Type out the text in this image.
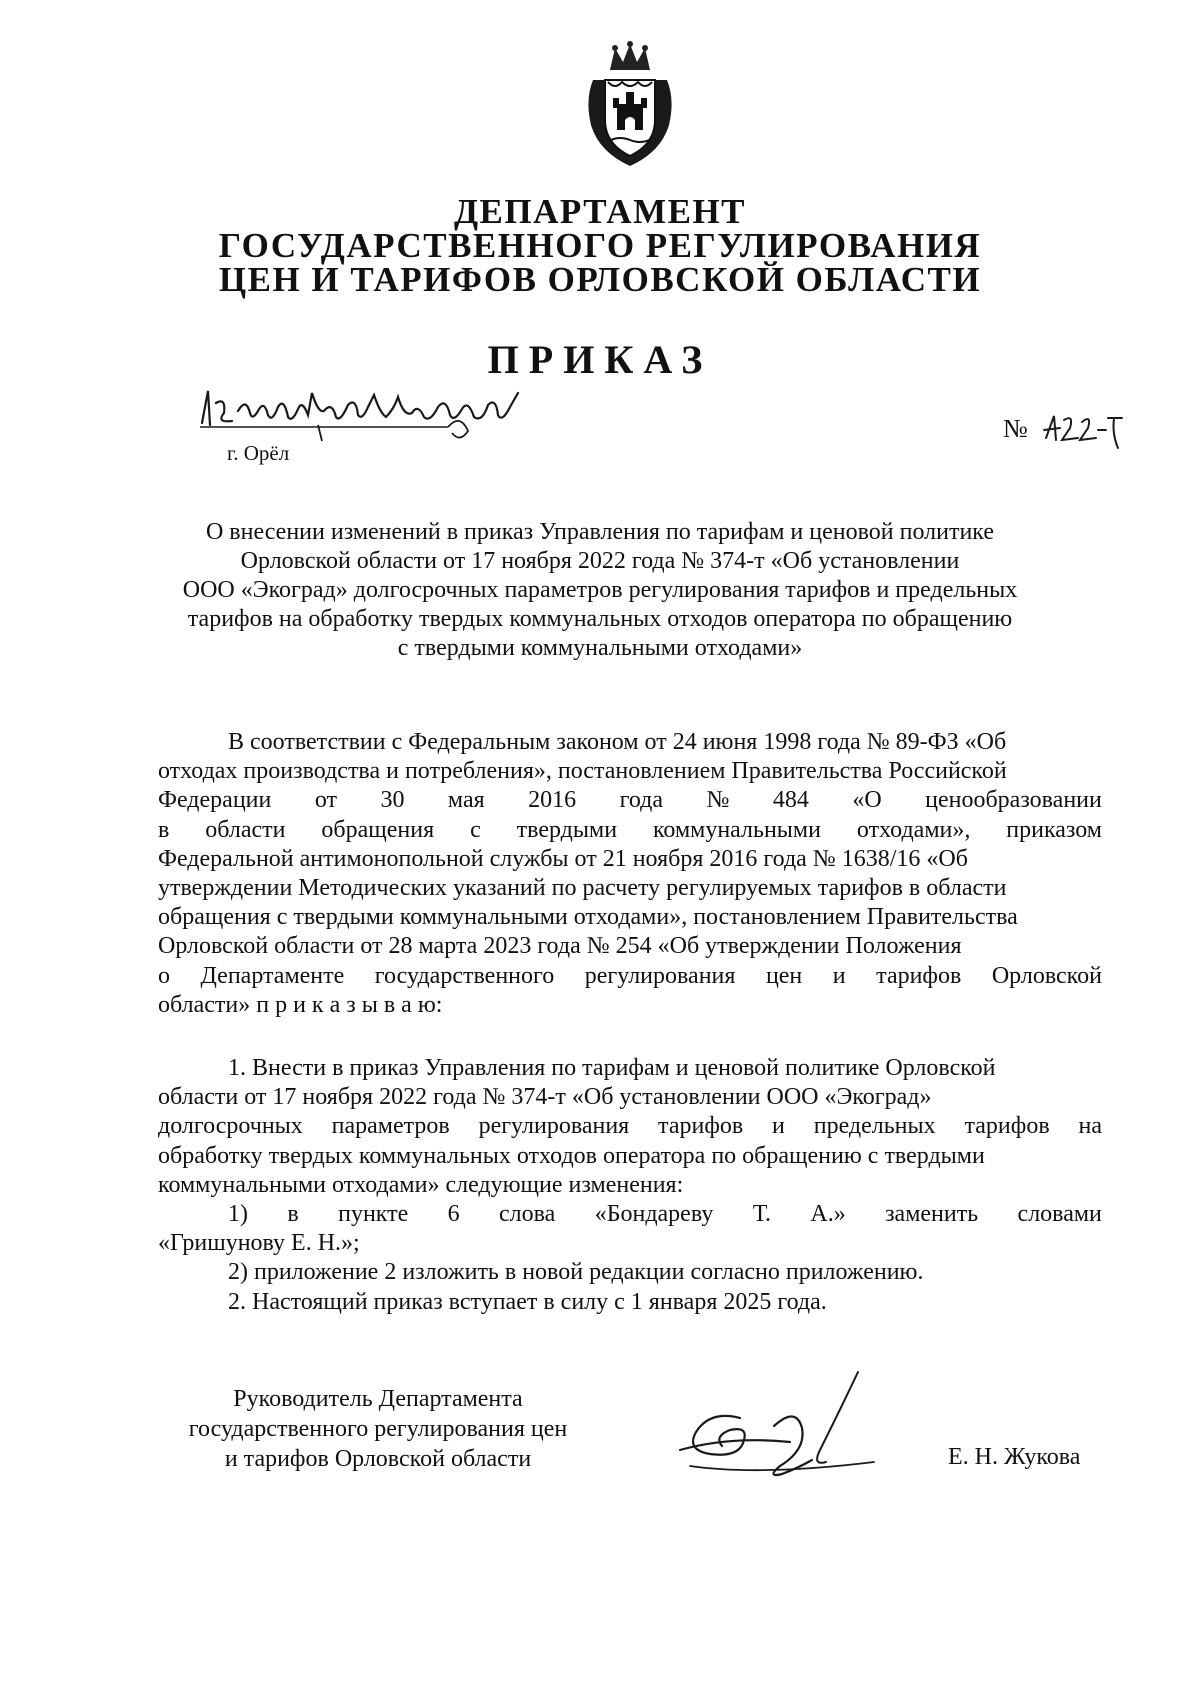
ДЕПАРТАМЕНТ
ГОСУДАРСТВЕННОГО РЕГУЛИРОВАНИЯ
ЦЕН И ТАРИФОВ ОРЛОВСКОЙ ОБЛАСТИ
ПРИКАЗ
г. Орёл
№
О внесении изменений в приказ Управления по тарифам и ценовой политике
Орловской области от 17 ноября 2022 года № 374-т «Об установлении
ООО «Экоград» долгосрочных параметров регулирования тарифов и предельных
тарифов на обработку твердых коммунальных отходов оператора по обращению
с твердыми коммунальными отходами»
В соответствии с Федеральным законом от 24 июня 1998 года № 89-ФЗ «Об
отходах производства и потребления», постановлением Правительства Российской
Федерации от 30 мая 2016 года № 484 «О ценообразовании
в области обращения с твердыми коммунальными отходами», приказом
Федеральной антимонопольной службы от 21 ноября 2016 года № 1638/16 «Об
утверждении Методических указаний по расчету регулируемых тарифов в области
обращения с твердыми коммунальными отходами», постановлением Правительства
Орловской области от 28 марта 2023 года № 254 «Об утверждении Положения
о Департаменте государственного регулирования цен и тарифов Орловской
области» п р и к а з ы в а ю:
1. Внести в приказ Управления по тарифам и ценовой политике Орловской
области от 17 ноября 2022 года № 374-т «Об установлении ООО «Экоград»
долгосрочных параметров регулирования тарифов и предельных тарифов на
обработку твердых коммунальных отходов оператора по обращению с твердыми
коммунальными отходами» следующие изменения:
1) в пункте 6 слова «Бондареву Т. А.» заменить словами
«Гришунову Е. Н.»;
2) приложение 2 изложить в новой редакции согласно приложению.
2. Настоящий приказ вступает в силу с 1 января 2025 года.
Руководитель Департамента
государственного регулирования цен
и тарифов Орловской области	Е. Н. Жукова
